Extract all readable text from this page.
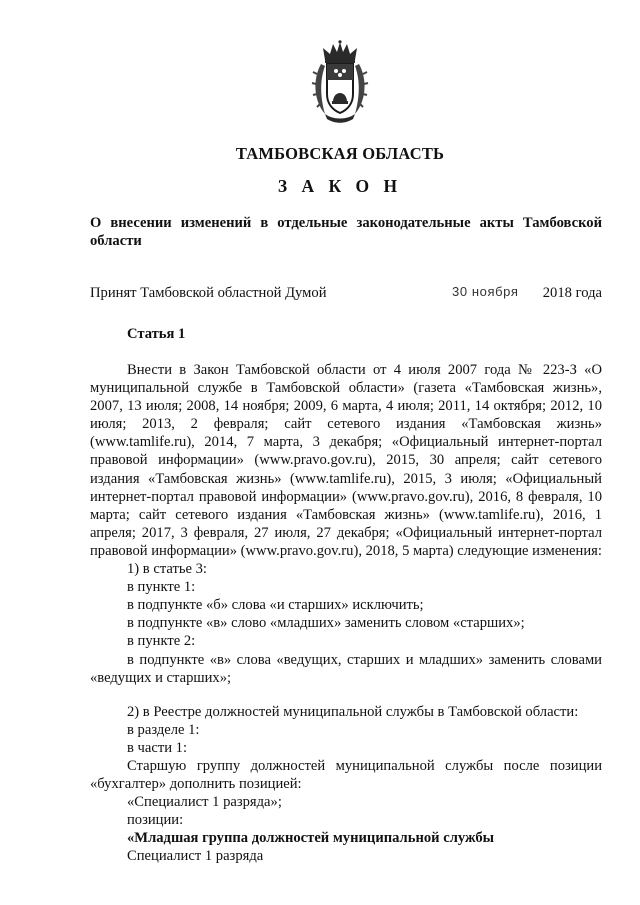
ТАМБОВСКАЯ ОБЛАСТЬ
З А К О Н
О внесении изменений в отдельные законодательные акты Тамбовской области
Принят Тамбовской областной Думой	30 ноября 2018 года
Статья 1

Внести в Закон Тамбовской области от 4 июля 2007 года № 223-З «О муниципальной службе в Тамбовской области» (газета «Тамбовская жизнь», 2007, 13 июля; 2008, 14 ноября; 2009, 6 марта, 4 июля; 2011, 14 октября; 2012, 10 июля; 2013, 2 февраля; сайт сетевого издания «Тамбовская жизнь» (www.tamlife.ru), 2014, 7 марта, 3 декабря; «Официальный интернет-портал правовой информации» (www.pravo.gov.ru), 2015, 30 апреля; сайт сетевого издания «Тамбовская жизнь» (www.tamlife.ru), 2015, 3 июля; «Официальный интернет-портал правовой информации» (www.pravo.gov.ru), 2016, 8 февраля, 10 марта; сайт сетевого издания «Тамбовская жизнь» (www.tamlife.ru), 2016, 1 апреля; 2017, 3 февраля, 27 июля, 27 декабря; «Официальный интернет-портал правовой информации» (www.pravo.gov.ru), 2018, 5 марта) следующие изменения:

1) в статье 3:

в пункте 1:

в подпункте «б» слова «и старших» исключить;

в подпункте «в» слово «младших» заменить словом «старших»;

в пункте 2:

в подпункте «в» слова «ведущих, старших и младших» заменить словами «ведущих и старших»;

2) в Реестре должностей муниципальной службы в Тамбовской области:

в разделе 1:

в части 1:

Старшую группу должностей муниципальной службы после позиции «бухгалтер» дополнить позицией:

«Специалист 1 разряда»;

позиции:

«Младшая группа должностей муниципальной службы

Специалист 1 разряда
